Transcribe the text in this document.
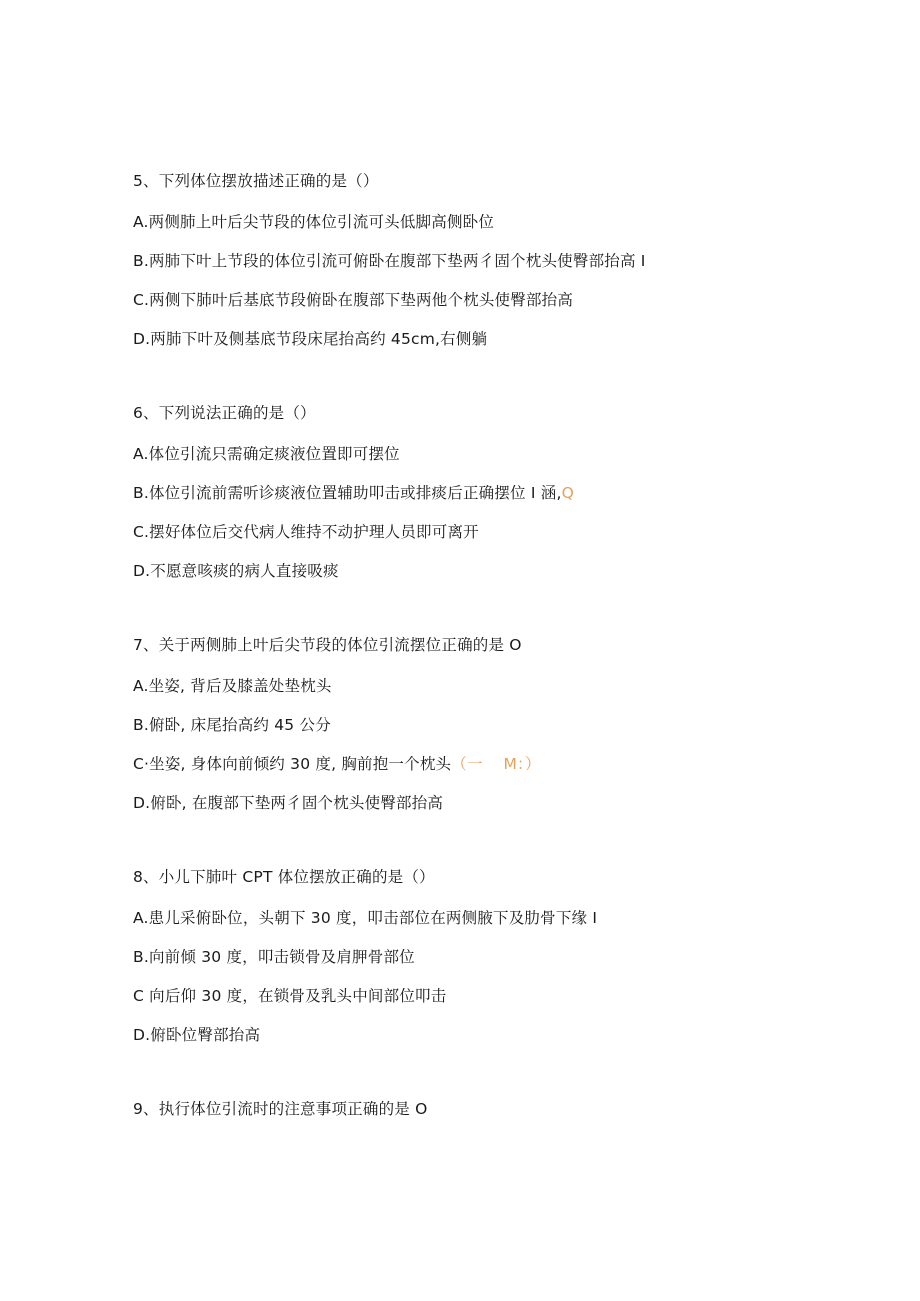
5、下列体位摆放描述正确的是（）
A.两侧肺上叶后尖节段的体位引流可头低脚高侧卧位
B.两肺下叶上节段的体位引流可俯卧在腹部下垫两彳固个枕头使臀部抬高 I
C.两侧下肺叶后基底节段俯卧在腹部下垫两他个枕头使臀部抬高
D.两肺下叶及侧基底节段床尾抬高约 45cm,右侧躺
6、下列说法正确的是（）
A.体位引流只需确定痰液位置即可摆位
B.体位引流前需听诊痰液位置辅助叩击或排痰后正确摆位 I 涵,Q
C.摆好体位后交代病人维持不动护理人员即可离开
D.不愿意咳痰的病人直接吸痰
7、关于两侧肺上叶后尖节段的体位引流摆位正确的是 O
A.坐姿, 背后及膝盖处垫枕头
B.俯卧, 床尾抬高约 45 公分
C·坐姿, 身体向前倾约 30 度, 胸前抱一个枕头（一　 M：）
D.俯卧, 在腹部下垫两彳固个枕头使臀部抬高
8、小儿下肺叶 CPT 体位摆放正确的是（）
A.患儿采俯卧位，头朝下 30 度，叩击部位在两侧腋下及肋骨下缘 I
B.向前倾 30 度，叩击锁骨及肩胛骨部位
C 向后仰 30 度，在锁骨及乳头中间部位叩击
D.俯卧位臀部抬高
9、执行体位引流时的注意事项正确的是 O
